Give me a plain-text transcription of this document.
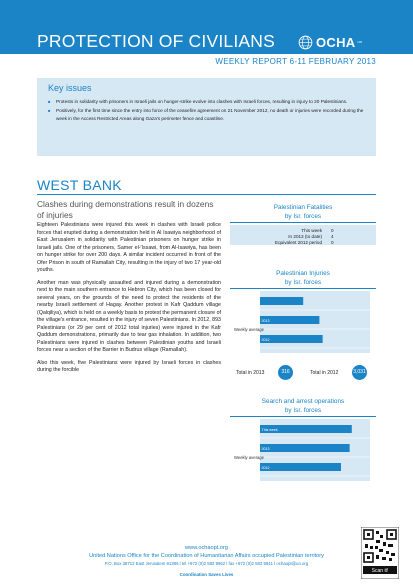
PROTECTION OF CIVILIANS	OCHA un
WEEKLY REPORT 6-11 FEBRUARY 2013
Key issues
■ Protests in solidarity with prisoners in Israeli jails on hunger-strike evolve into clashes with Israeli forces, resulting in injury to 20 Palestinians.
■ Positively, for the first time since the entry into force of the ceasefire agreement on 21 November 2012, no death or injuries were recorded during the week in the Access Restricted Areas along Gaza's perimeter fence and coastline.
WEST BANK
Clashes during demonstrations result in dozens of injuries

Eighteen Palestinians were injured this week in clashes with Israeli police forces that erupted during a demonstration held in Al Isawiya neighborhood of East Jerusalem in solidarity with Palestinian prisoners on hunger strike in Israeli jails. One of the prisoners, Samer el-'Issawi, from Al-Isawiya, has been on hunger strike for over 200 days. A similar incident occurred in front of the Ofer Prison in south of Ramallah City, resulting in the injury of two 17 year-old youths.

Another man was physically assaulted and injured during a demonstration next to the main southern entrance to Hebron City, which has been closed for several years, on the grounds of the need to protect the residents of the nearby Israeli settlement of Hagay. Another protest in Kafr Qaddum village (Qalqiliya), which is held on a weekly basis to protest the permanent closure of the village's entrance, resulted in the injury of seven Palestinians. In 2012, 893 Palestinians (or 29 per cent of 2012 total injuries) were injured in the Kafr Qaddum demonstrations, primarily due to tear gas inhalation. In addition, two Palestinians were injured in clashes between Palestinian youths and Israeli forces near a section of the Barrier in Budrus village (Ramallah).

Also this week, five Palestinians were injured by Israeli forces in clashes during the forcible

Palestinian Fatalities
by Isr. forces
This week 0
In 2013 (to date) 4
Equivalent 2012 period 0
Palestinian Injuries
by Isr. forces
2013
2012
Weekly average
Total in 2013	316	Total in 2012	3,031
Search and arrest operations
by Isr. forces
This week
2013
2012
Weekly average
www.ochaopt.org
United Nations Office for the Coordination of Humanitarian Affairs occupied Palestinian territory
P.O. Box 38712 East Jerusalem 91386 l tel +972 (0)2 582 9962 l fax +972 (0)2 582 5841 l ochaopt@un.org
Coordination Saves Lives
Scan it!
